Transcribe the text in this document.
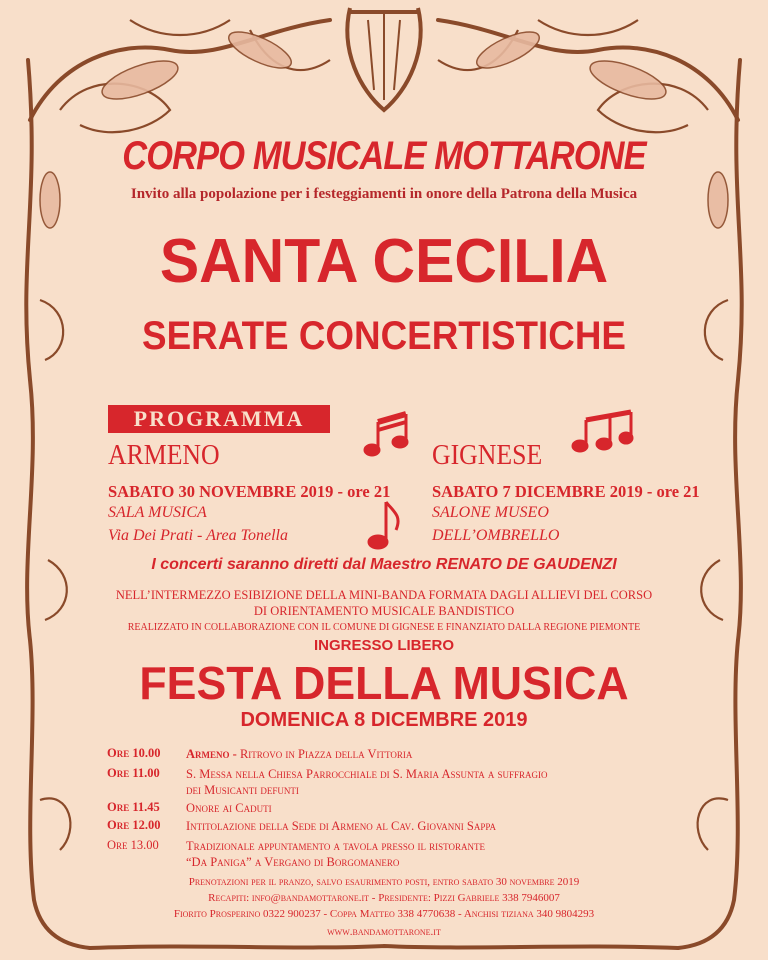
CORPO MUSICALE MOTTARONE
Invito alla popolazione per i festeggiamenti in onore della Patrona della Musica
SANTA CECILIA
SERATE CONCERTISTICHE
PROGRAMMA
ARMENO
SABATO 30 NOVEMBRE 2019 - ore 21
SALA MUSICA
Via Dei Prati - Area Tonella
GIGNESE
SABATO 7 DICEMBRE 2019 - ore 21
SALONE MUSEO
DELL’OMBRELLO
I concerti saranno diretti dal Maestro RENATO DE GAUDENZI
NELL’INTERMEZZO ESIBIZIONE DELLA MINI-BANDA FORMATA DAGLI ALLIEVI DEL CORSO
DI ORIENTAMENTO MUSICALE BANDISTICO
REALIZZATO IN COLLABORAZIONE CON IL COMUNE DI GIGNESE E FINANZIATO DALLA REGIONE PIEMONTE
INGRESSO LIBERO
FESTA DELLA MUSICA
DOMENICA 8 DICEMBRE 2019
Ore 10.00	Armeno - Ritrovo in Piazza della Vittoria
Ore 11.00	S. Messa nella Chiesa Parrocchiale di S. Maria Assunta a suffragio
dei Musicanti defunti
Ore 11.45	Onore ai Caduti
Ore 12.00	Intitolazione della Sede di Armeno al Cav. Giovanni Sappa
Ore 13.00	Tradizionale appuntamento a tavola presso il ristorante
“Da Paniga” a Vergano di Borgomanero
Prenotazioni per il pranzo, salvo esaurimento posti, entro sabato 30 novembre 2019
Recapiti: info@bandamottarone.it - Presidente: Pizzi Gabriele 338 7946007
Fiorito Prosperino 0322 900237 - Coppa Matteo 338 4770638 - Anchisi tiziana 340 9804293
www.bandamottarone.it
